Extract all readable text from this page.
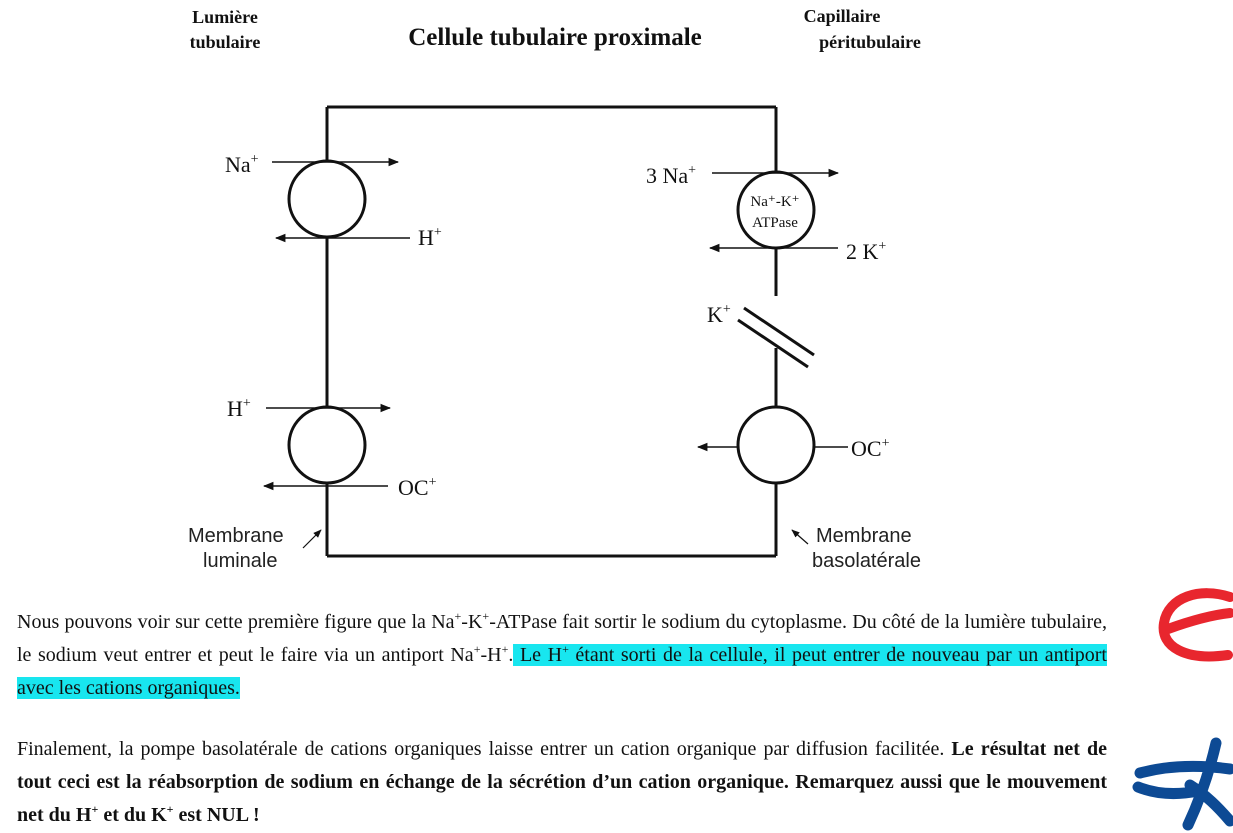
Lumière
tubulaire	Cellule tubulaire proximale
Capillaire
péritubulaire
Na+
H+
H+
OC+
Na⁺-K⁺
ATPase
3 Na+
2 K+
K+
OC+
Membrane
luminale
Membrane
basolatérale
Nous pouvons voir sur cette première figure que la Na+-K+-ATPase fait sortir le sodium du cytoplasme. Du côté de la lumière tubulaire, le sodium veut entrer et peut le faire via un antiport Na+-H+. Le H+ étant sorti de la cellule, il peut entrer de nouveau par un antiport avec les cations organiques.
Finalement, la pompe basolatérale de cations organiques laisse entrer un cation organique par diffusion facilitée. Le résultat net de tout ceci est la réabsorption de sodium en échange de la sécrétion d’un cation organique. Remarquez aussi que le mouvement net du H+ et du K+ est NUL !
